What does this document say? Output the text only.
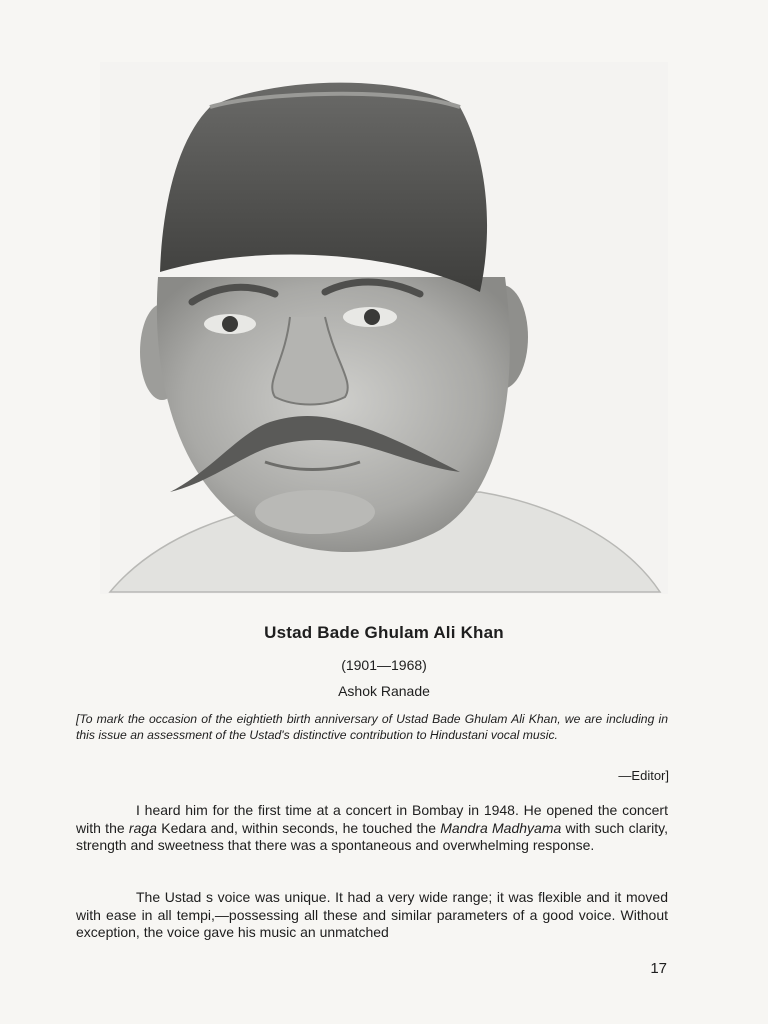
Ustad Bade Ghulam Ali Khan
(1901—1968)
Ashok Ranade
[To mark the occasion of the eightieth birth anniversary of Ustad Bade Ghulam Ali Khan, we are including in this issue an assessment of the Ustad's distinctive contribution to Hindustani vocal music.
—Editor]
I heard him for the first time at a concert in Bombay in 1948. He opened the concert with the raga Kedara and, within seconds, he touched the Mandra Madhyama with such clarity, strength and sweetness that there was a spontaneous and overwhelming response.
The Ustad s voice was unique. It had a very wide range; it was flexible and it moved with ease in all tempi,—possessing all these and similar parameters of a good voice. Without exception, the voice gave his music an unmatched
17
